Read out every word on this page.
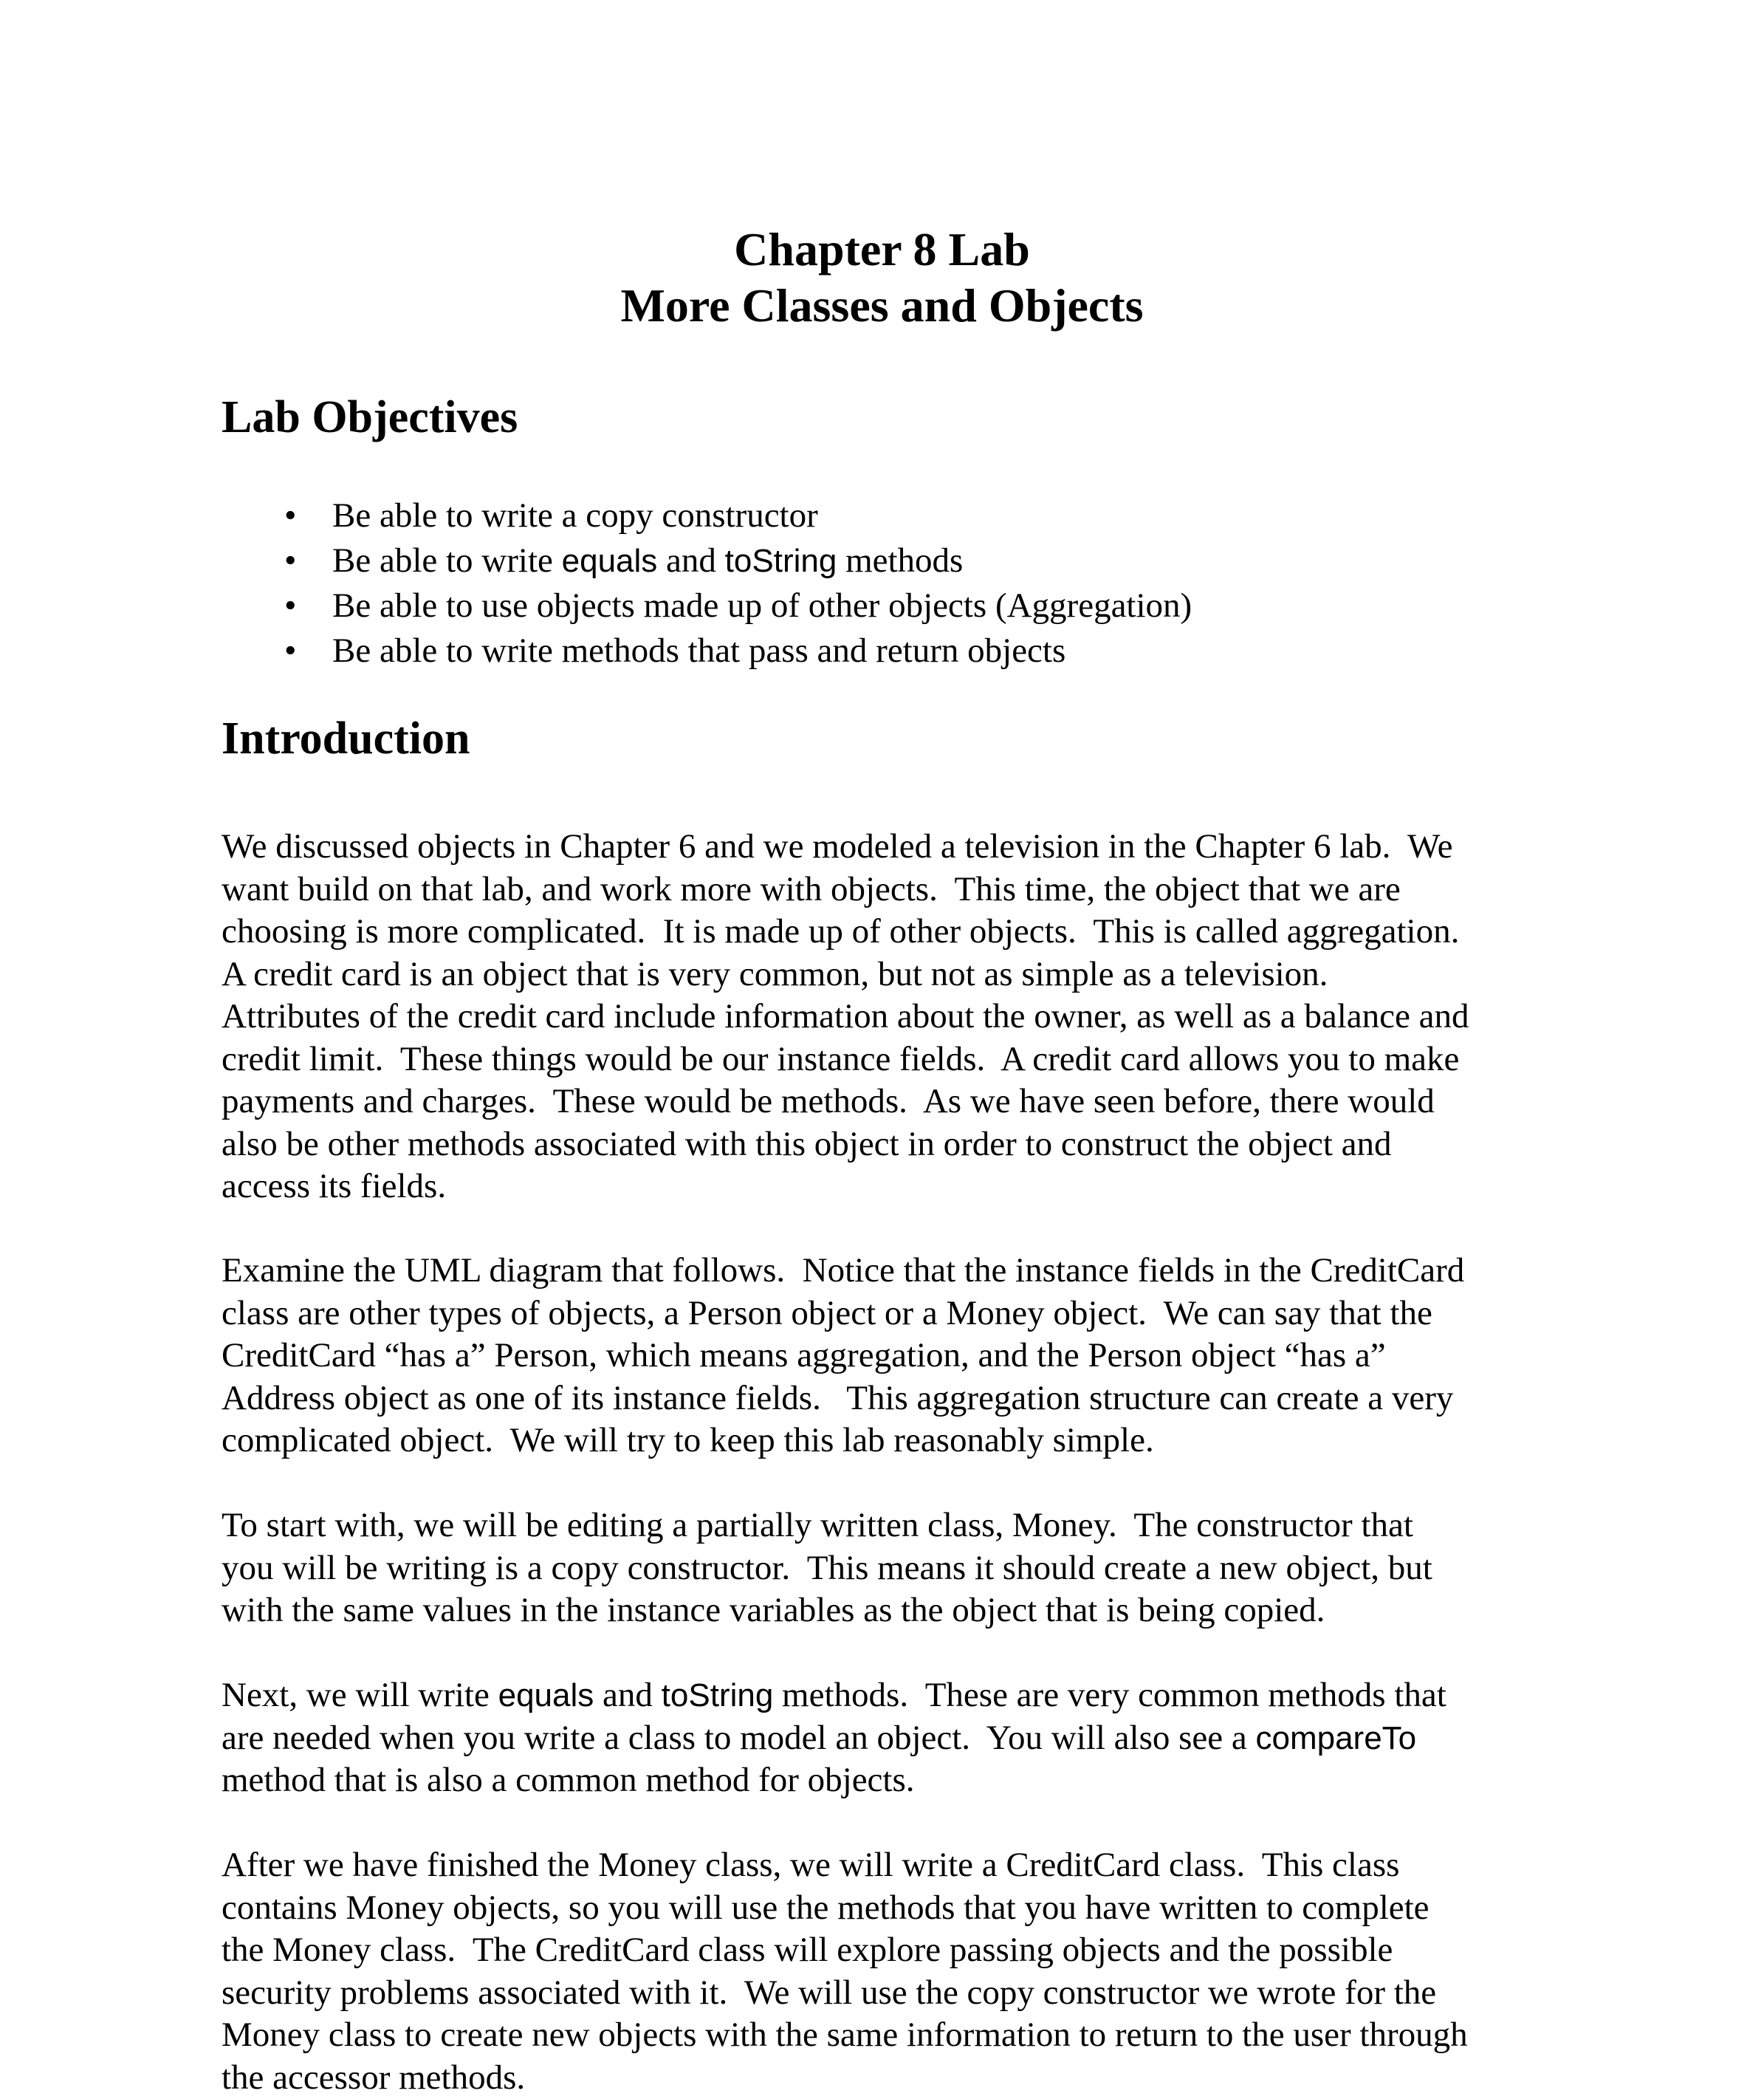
Chapter 8 Lab
More Classes and Objects
Lab Objectives
• Be able to write a copy constructor
• Be able to write equals and toString methods
• Be able to use objects made up of other objects (Aggregation)
• Be able to write methods that pass and return objects
Introduction
We discussed objects in Chapter 6 and we modeled a television in the Chapter 6 lab.  We
want build on that lab, and work more with objects.  This time, the object that we are
choosing is more complicated.  It is made up of other objects.  This is called aggregation.
A credit card is an object that is very common, but not as simple as a television.
Attributes of the credit card include information about the owner, as well as a balance and
credit limit.  These things would be our instance fields.  A credit card allows you to make
payments and charges.  These would be methods.  As we have seen before, there would
also be other methods associated with this object in order to construct the object and
access its fields.
Examine the UML diagram that follows.  Notice that the instance fields in the CreditCard
class are other types of objects, a Person object or a Money object.  We can say that the
CreditCard “has a” Person, which means aggregation, and the Person object “has a”
Address object as one of its instance fields.   This aggregation structure can create a very
complicated object.  We will try to keep this lab reasonably simple.
To start with, we will be editing a partially written class, Money.  The constructor that
you will be writing is a copy constructor.  This means it should create a new object, but
with the same values in the instance variables as the object that is being copied.
Next, we will write equals and toString methods.  These are very common methods that
are needed when you write a class to model an object.  You will also see a compareTo
method that is also a common method for objects.
After we have finished the Money class, we will write a CreditCard class.  This class
contains Money objects, so you will use the methods that you have written to complete
the Money class.  The CreditCard class will explore passing objects and the possible
security problems associated with it.  We will use the copy constructor we wrote for the
Money class to create new objects with the same information to return to the user through
the accessor methods.
